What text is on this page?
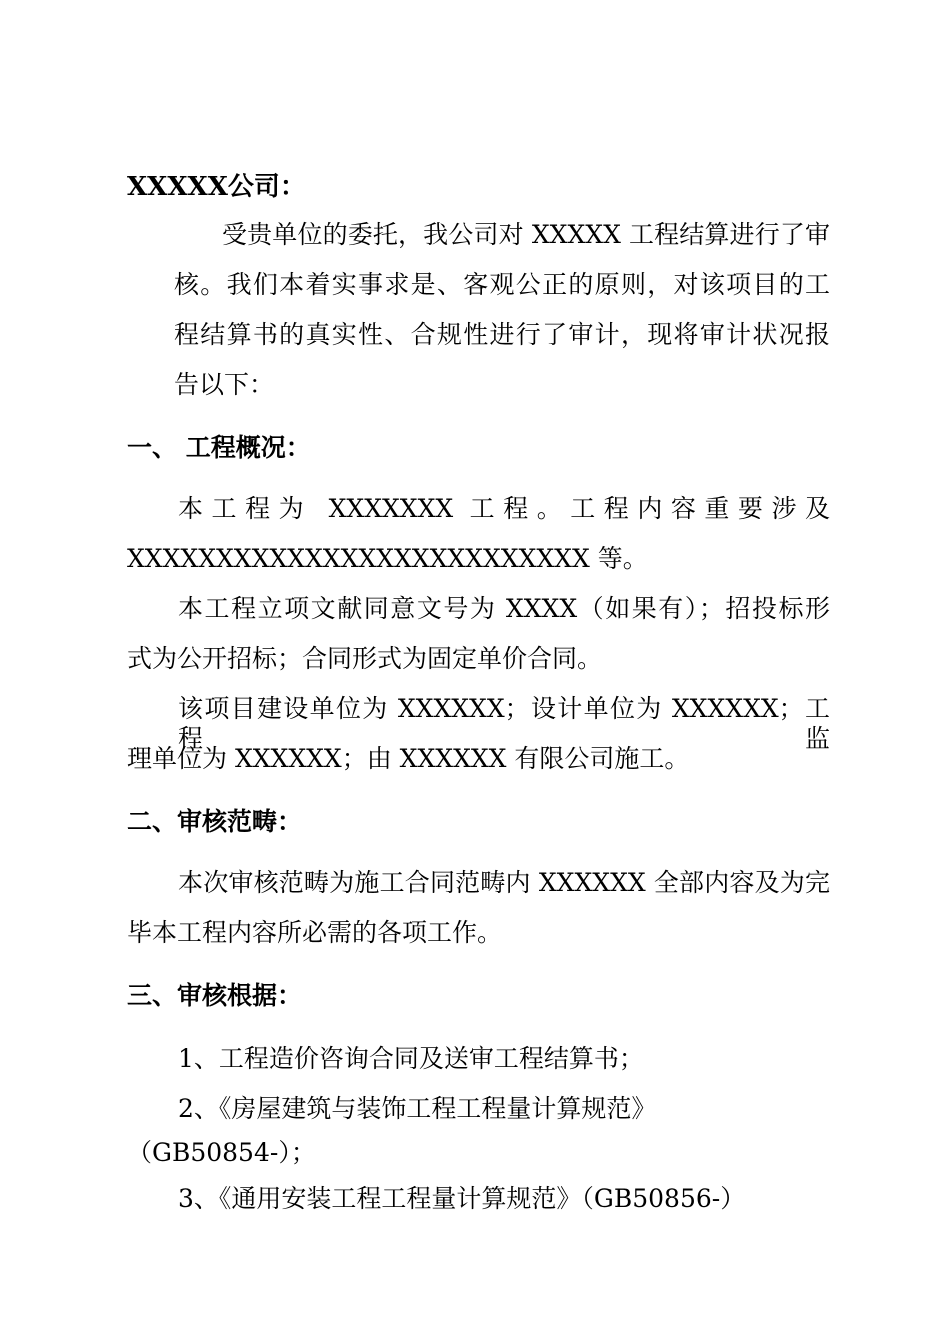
XXXXX公司：
受贵单位的委托，我公司对 XXXXX 工程结算进行了审
核。我们本着实事求是、客观公正的原则，对该项目的工
程结算书的真实性、合规性进行了审计，现将审计状况报
告以下：
一、 工程概况：
本工程为 XXXXXXX 工程。工程内容重要涉及
XXXXXXXXXXXXXXXXXXXXXXXXXX 等。
本工程立项文献同意文号为 XXXX（如果有）；招投标形
式为公开招标；合同形式为固定单价合同。
该项目建设单位为 XXXXXX；设计单位为 XXXXXX；工程监
理单位为 XXXXXX；由 XXXXXX 有限公司施工。
二、审核范畴：
本次审核范畴为施工合同范畴内 XXXXXX 全部内容及为完
毕本工程内容所必需的各项工作。
三、审核根据：
1、工程造价咨询合同及送审工程结算书；
2、《房屋建筑与装饰工程工程量计算规范》
（GB50854-）；
3、《通用安装工程工程量计算规范》（GB50856-）
